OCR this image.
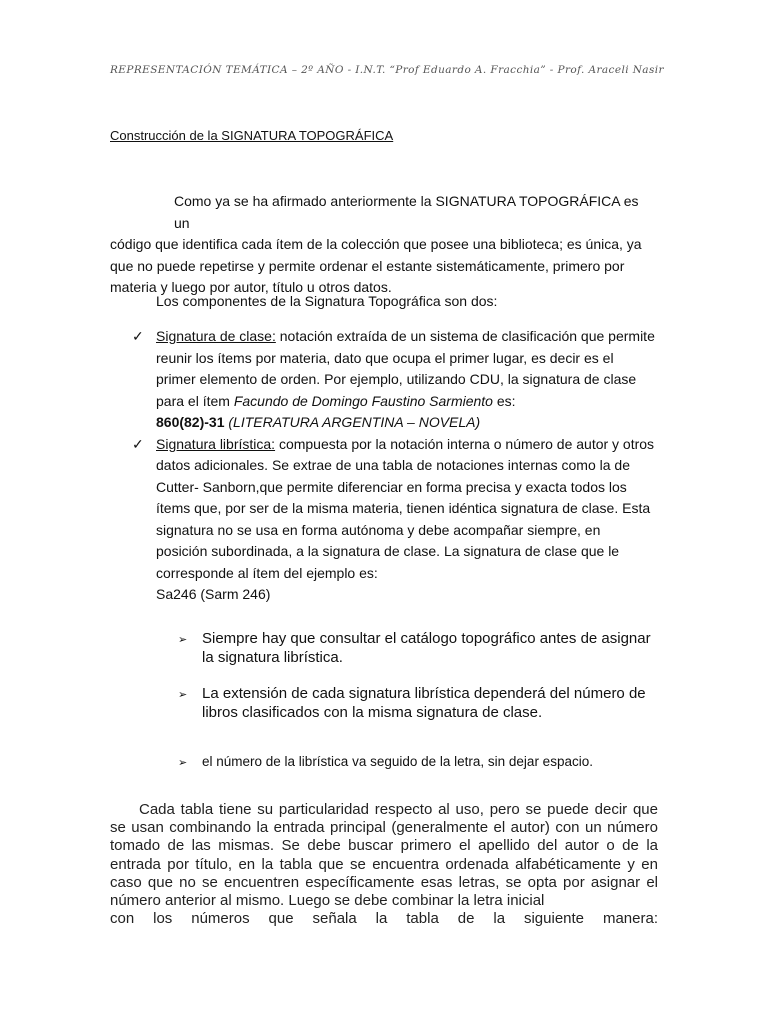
REPRESENTACIÓN TEMÁTICA – 2º AÑO - I.N.T. “Prof Eduardo A. Fracchia” - Prof. Araceli Nasir
Construcción de la SIGNATURA TOPOGRÁFICA
Como ya se ha afirmado anteriormente la SIGNATURA TOPOGRÁFICA es un
código que identifica cada ítem de la colección que posee una biblioteca; es única, ya
que no puede repetirse y permite ordenar el estante sistemáticamente, primero por
materia y luego por autor, título u otros datos.
Los componentes de la Signatura Topográfica son dos:
✓ Signatura de clase: notación extraída de un sistema de clasificación que permite reunir los ítems por materia, dato que ocupa el primer lugar, es decir es el primer elemento de orden. Por ejemplo, utilizando CDU, la signatura de clase para el ítem Facundo de Domingo Faustino Sarmiento es:
860(82)-31 (LITERATURA ARGENTINA – NOVELA)
✓ Signatura librística: compuesta por la notación interna o número de autor y otros datos adicionales. Se extrae de una tabla de notaciones internas como la de Cutter- Sanborn,que permite diferenciar en forma precisa y exacta todos los ítems que, por ser de la misma materia, tienen idéntica signatura de clase. Esta signatura no se usa en forma autónoma y debe acompañar siempre, en posición subordinada, a la signatura de clase. La signatura de clase que le corresponde al ítem del ejemplo es:
Sa246 (Sarm 246)
➢ Siempre hay que consultar el catálogo topográfico antes de asignar la signatura librística.
➢ La extensión de cada signatura librística dependerá del número de libros clasificados con la misma signatura de clase.
➢	el número de la librística va seguido de la letra, sin dejar espacio.

Cada tabla tiene su particularidad respecto al uso, pero se puede decir que se usan combinando la entrada principal (generalmente el autor) con un número tomado de las mismas. Se debe buscar primero el apellido del autor o de la entrada por título, en la tabla que se encuentra ordenada alfabéticamente y en caso que no se encuentren específicamente esas letras, se opta por asignar el número anterior al mismo. Luego se debe combinar la letra inicial

con los números que señala la tabla de la siguiente manera:
